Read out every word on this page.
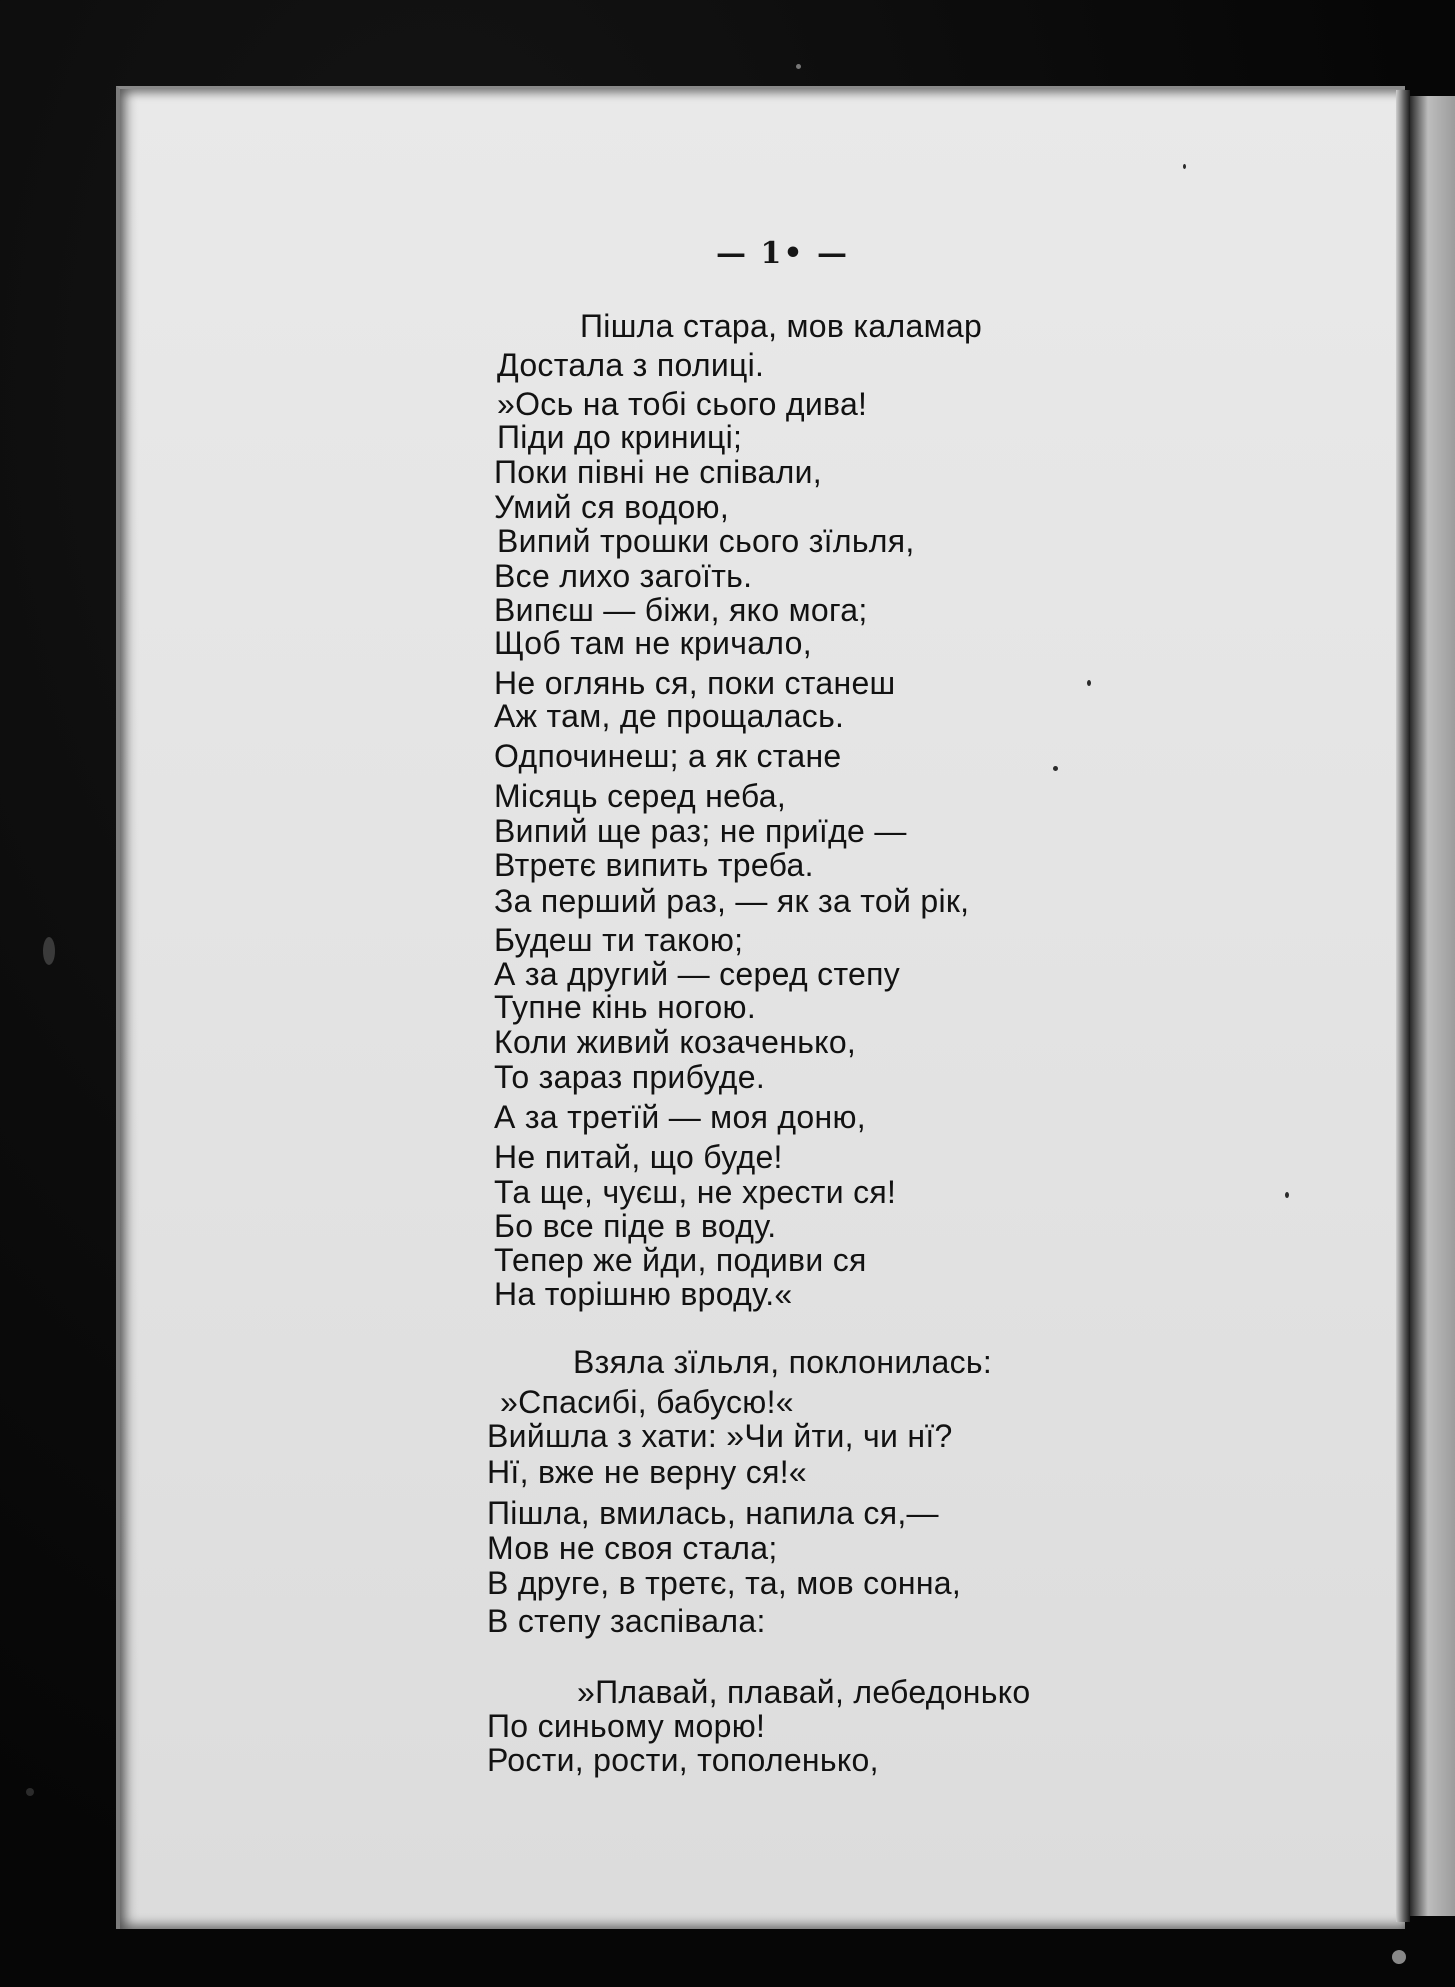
— 1• —
Пішла стара, мов каламар
Достала з полиці.
»Ось на тобі сього дива!
Піди до криниці;
Поки півні не співали,
Умий ся водою,
Випий трошки сього зїльля,
Все лихо загоїть.
Випєш — біжи, яко мога;
Щоб там не кричало,
Не оглянь ся, поки станеш
Аж там, де прощалась.
Одпочинеш; а як стане
Місяць серед неба,
Випий ще раз; не приїде —
Втретє випить треба.
За перший раз, — як за той рік,
Будеш ти такою;
А за другий — серед степу
Тупне кінь ногою.
Коли живий козаченько,
То зараз прибуде.
А за третїй — моя доню,
Не питай, що буде!
Та ще, чуєш, не хрести ся!
Бо все піде в воду.
Тепер же йди, подиви ся
На торішню вроду.«
Взяла зїльля, поклонилась:
»Спасибі, бабусю!«
Вийшла з хати: »Чи йти, чи нї?
Нї, вже не верну ся!«
Пішла, вмилась, напила ся,—
Мов не своя стала;
В друге, в третє, та, мов сонна,
В степу заспівала:
»Плавай, плавай, лебедонько
По синьому морю!
Рости, рости, тополенько,
